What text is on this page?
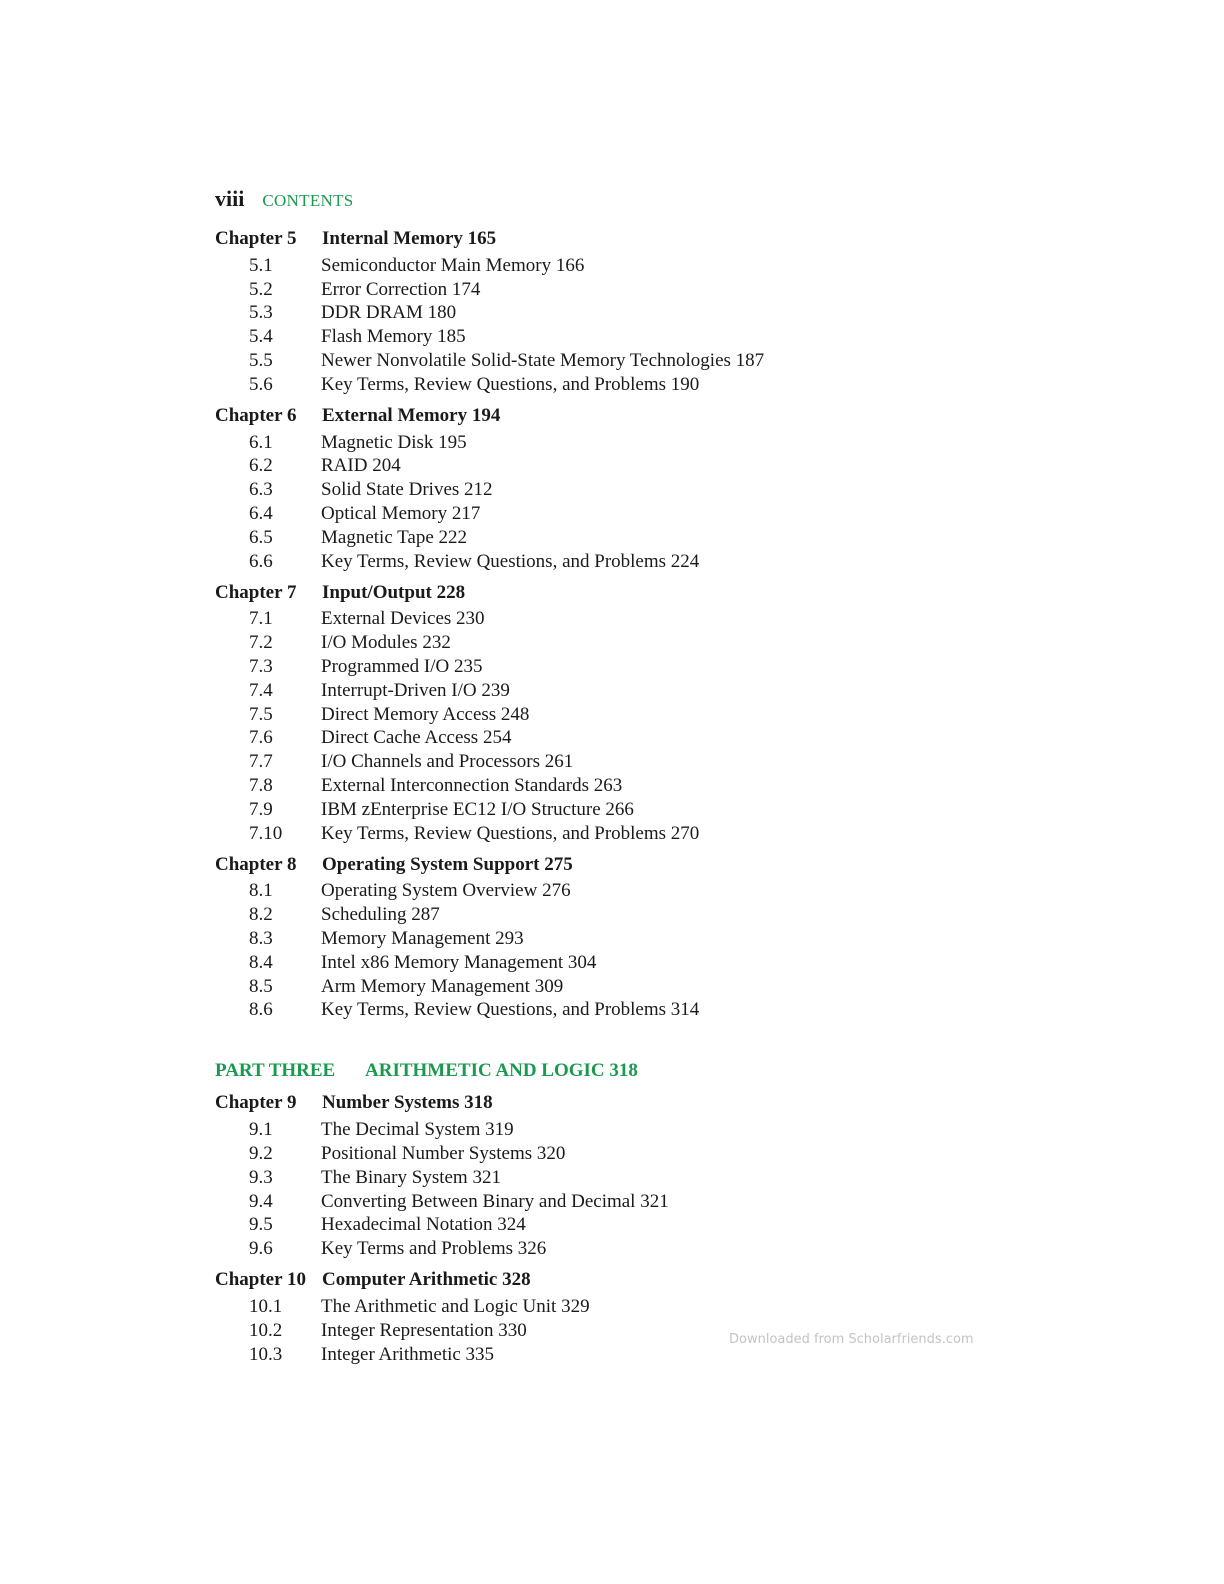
viii CONTENTS
Chapter 5	Internal Memory 165
5.1	Semiconductor Main Memory 166
5.2	Error Correction 174
5.3	DDR DRAM 180
5.4	Flash Memory 185
5.5	Newer Nonvolatile Solid-State Memory Technologies 187
5.6	Key Terms, Review Questions, and Problems 190
Chapter 6	External Memory 194
6.1	Magnetic Disk 195
6.2	RAID 204
6.3	Solid State Drives 212
6.4	Optical Memory 217
6.5	Magnetic Tape 222
6.6	Key Terms, Review Questions, and Problems 224
Chapter 7	Input/Output 228
7.1	External Devices 230
7.2	I/O Modules 232
7.3	Programmed I/O 235
7.4	Interrupt-Driven I/O 239
7.5	Direct Memory Access 248
7.6	Direct Cache Access 254
7.7	I/O Channels and Processors 261
7.8	External Interconnection Standards 263
7.9	IBM zEnterprise EC12 I/O Structure 266
7.10	Key Terms, Review Questions, and Problems 270
Chapter 8	Operating System Support 275
8.1	Operating System Overview 276
8.2	Scheduling 287
8.3	Memory Management 293
8.4	Intel x86 Memory Management 304
8.5	Arm Memory Management 309
8.6	Key Terms, Review Questions, and Problems 314
PART THREE	ARITHMETIC AND LOGIC 318
Chapter 9	Number Systems 318
9.1	The Decimal System 319
9.2	Positional Number Systems 320
9.3	The Binary System 321
9.4	Converting Between Binary and Decimal 321
9.5	Hexadecimal Notation 324
9.6	Key Terms and Problems 326
Chapter 10 Computer Arithmetic 328
10.1	The Arithmetic and Logic Unit 329
10.2	Integer Representation 330
10.3	Integer Arithmetic 335
Downloaded from Scholarfriends.com
